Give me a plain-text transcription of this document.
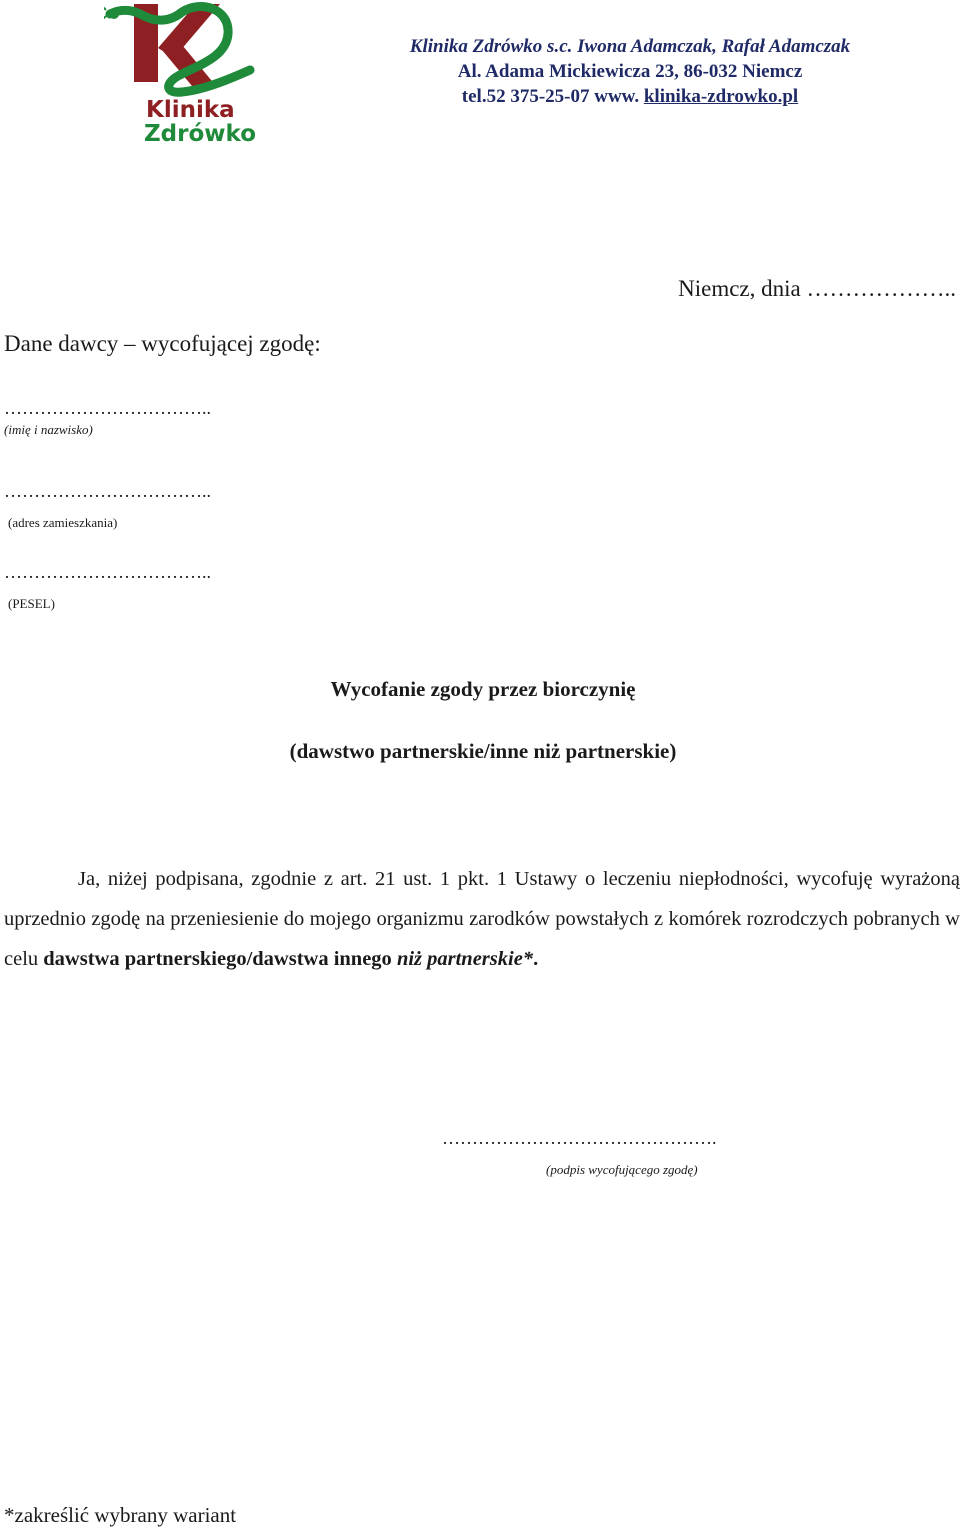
Klinika
Zdrówko
Klinika Zdrówko s.c. Iwona Adamczak, Rafał Adamczak
Al. Adama Mickiewicza 23, 86-032 Niemcz
tel.52 375-25-07 www. klinika-zdrowko.pl
Niemcz, dnia ………………..
Dane dawcy – wycofującej zgodę:
……………………………..
(imię i nazwisko)
……………………………..
(adres zamieszkania)
……………………………..
(PESEL)
Wycofanie zgody przez biorczynię
(dawstwo partnerskie/inne niż partnerskie)
Ja, niżej podpisana, zgodnie z art. 21 ust. 1 pkt. 1 Ustawy o leczeniu niepłodności, wycofuję wyrażoną uprzednio zgodę na przeniesienie do mojego organizmu zarodków powstałych z komórek rozrodczych pobranych w celu dawstwa partnerskiego/dawstwa innego niż partnerskie*.
……………………………………….
(podpis wycofującego zgodę)
*zakreślić wybrany wariant
